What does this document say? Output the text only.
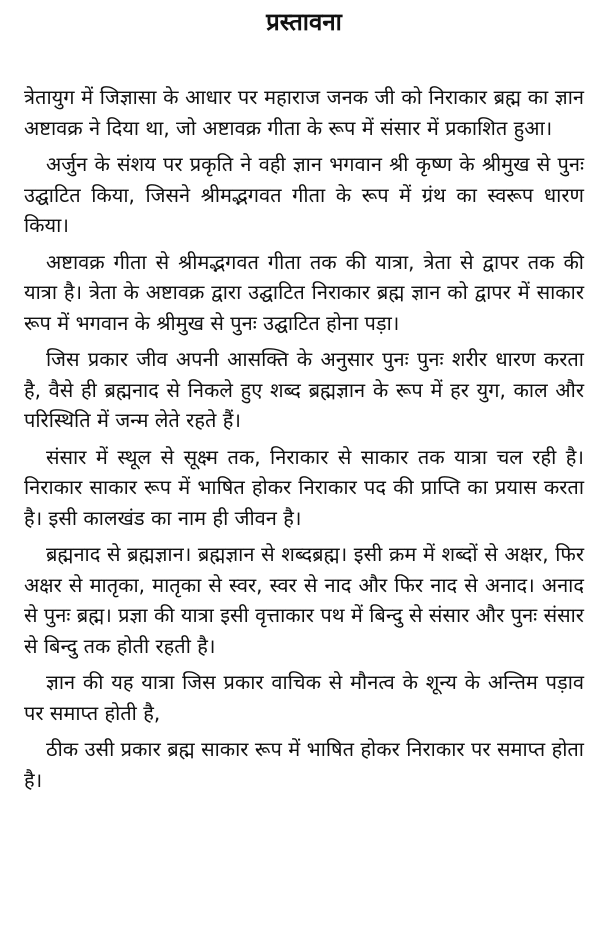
प्रस्तावना

त्रेतायुग में जिज्ञासा के आधार पर महाराज जनक जी को निराकार ब्रह्म का ज्ञान अष्टावक्र ने दिया था, जो अष्टावक्र गीता के रूप में संसार में प्रकाशित हुआ।

अर्जुन के संशय पर प्रकृति ने वही ज्ञान भगवान श्री कृष्ण के श्रीमुख से पुनः उद्घाटित किया, जिसने श्रीमद्भगवत गीता के रूप में ग्रंथ का स्वरूप धारण किया।

अष्टावक्र गीता से श्रीमद्भगवत गीता तक की यात्रा, त्रेता से द्वापर तक की यात्रा है। त्रेता के अष्टावक्र द्वारा उद्घाटित निराकार ब्रह्म ज्ञान को द्वापर में साकार रूप में भगवान के श्रीमुख से पुनः उद्घाटित होना पड़ा।

जिस प्रकार जीव अपनी आसक्ति के अनुसार पुनः पुनः शरीर धारण करता है, वैसे ही ब्रह्मनाद से निकले हुए शब्द ब्रह्मज्ञान के रूप में हर युग, काल और परिस्थिति में जन्म लेते रहते हैं।

संसार में स्थूल से सूक्ष्म तक, निराकार से साकार तक यात्रा चल रही है। निराकार साकार रूप में भाषित होकर निराकार पद की प्राप्ति का प्रयास करता है। इसी कालखंड का नाम ही जीवन है।

ब्रह्मनाद से ब्रह्मज्ञान। ब्रह्मज्ञान से शब्दब्रह्म। इसी क्रम में शब्दों से अक्षर, फिर अक्षर से मातृका, मातृका से स्वर, स्वर से नाद और फिर नाद से अनाद। अनाद से पुनः ब्रह्म। प्रज्ञा की यात्रा इसी वृत्ताकार पथ में बिन्दु से संसार और पुनः संसार से बिन्दु तक होती रहती है।

ज्ञान की यह यात्रा जिस प्रकार वाचिक से मौनत्व के शून्य के अन्तिम पड़ाव पर समाप्त होती है,

ठीक उसी प्रकार ब्रह्म साकार रूप में भाषित होकर निराकार पर समाप्त होता है।
